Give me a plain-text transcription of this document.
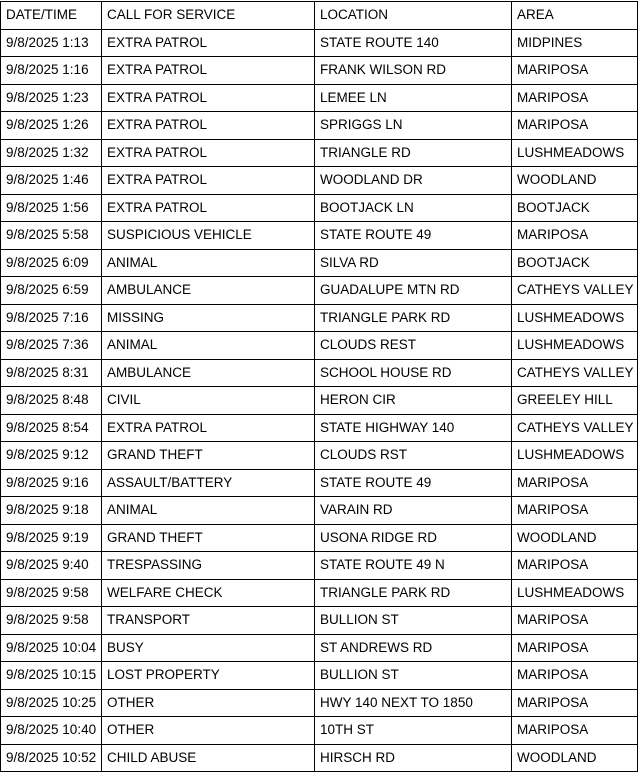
DATE/TIME	CALL FOR SERVICE	LOCATION	AREA
9/8/2025 1:13	EXTRA PATROL	STATE ROUTE 140	MIDPINES
9/8/2025 1:16	EXTRA PATROL	FRANK WILSON RD	MARIPOSA
9/8/2025 1:23	EXTRA PATROL	LEMEE LN	MARIPOSA
9/8/2025 1:26	EXTRA PATROL	SPRIGGS LN	MARIPOSA
9/8/2025 1:32	EXTRA PATROL	TRIANGLE RD	LUSHMEADOWS
9/8/2025 1:46	EXTRA PATROL	WOODLAND DR	WOODLAND
9/8/2025 1:56	EXTRA PATROL	BOOTJACK LN	BOOTJACK
9/8/2025 5:58	SUSPICIOUS VEHICLE	STATE ROUTE 49	MARIPOSA
9/8/2025 6:09	ANIMAL	SILVA RD	BOOTJACK
9/8/2025 6:59	AMBULANCE	GUADALUPE MTN RD	CATHEYS VALLEY
9/8/2025 7:16	MISSING	TRIANGLE PARK RD	LUSHMEADOWS
9/8/2025 7:36	ANIMAL	CLOUDS REST	LUSHMEADOWS
9/8/2025 8:31	AMBULANCE	SCHOOL HOUSE RD	CATHEYS VALLEY
9/8/2025 8:48	CIVIL	HERON CIR	GREELEY HILL
9/8/2025 8:54	EXTRA PATROL	STATE HIGHWAY 140	CATHEYS VALLEY
9/8/2025 9:12	GRAND THEFT	CLOUDS RST	LUSHMEADOWS
9/8/2025 9:16	ASSAULT/BATTERY	STATE ROUTE 49	MARIPOSA
9/8/2025 9:18	ANIMAL	VARAIN RD	MARIPOSA
9/8/2025 9:19	GRAND THEFT	USONA RIDGE RD	WOODLAND
9/8/2025 9:40	TRESPASSING	STATE ROUTE 49 N	MARIPOSA
9/8/2025 9:58	WELFARE CHECK	TRIANGLE PARK RD	LUSHMEADOWS
9/8/2025 9:58	TRANSPORT	BULLION ST	MARIPOSA
9/8/2025 10:04	BUSY	ST ANDREWS RD	MARIPOSA
9/8/2025 10:15	LOST PROPERTY	BULLION ST	MARIPOSA
9/8/2025 10:25	OTHER	HWY 140 NEXT TO 1850	MARIPOSA
9/8/2025 10:40	OTHER	10TH ST	MARIPOSA
9/8/2025 10:52	CHILD ABUSE	HIRSCH RD	WOODLAND
